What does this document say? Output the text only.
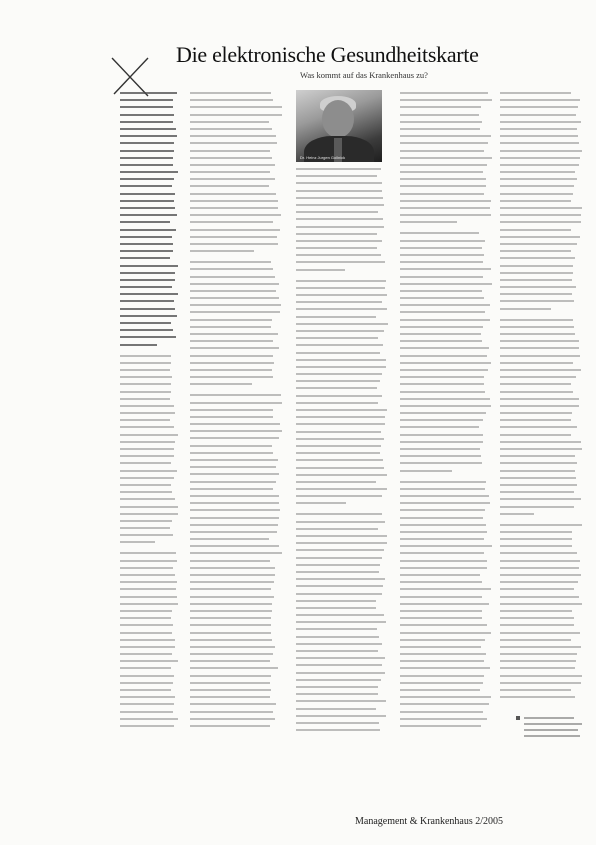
Die elektronische Gesundheitskarte
Was kommt auf das Krankenhaus zu?
Dr. Heinz Jurgen Gollnick
Management & Krankenhaus 2/2005
